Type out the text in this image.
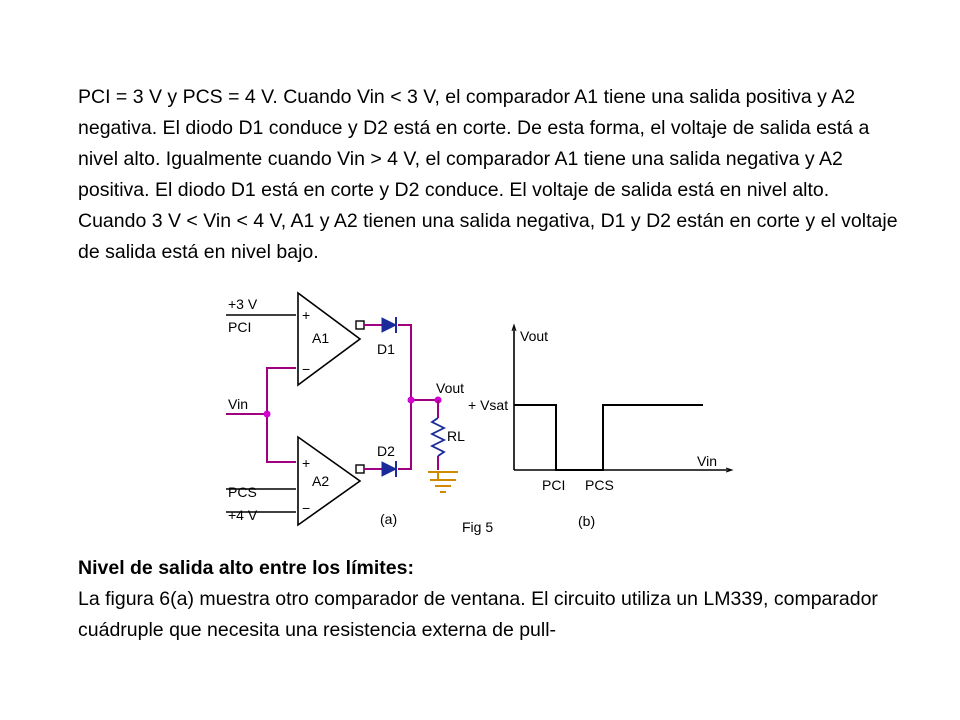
PCI = 3 V y PCS = 4 V. Cuando Vin < 3 V, el comparador A1 tiene una salida positiva y A2 negativa. El diodo D1 conduce y D2 está en corte. De esta forma, el voltaje de salida está a nivel alto. Igualmente cuando Vin > 4 V, el comparador A1 tiene una salida negativa y A2 positiva. El diodo D1 está en corte y D2 conduce. El voltaje de salida está en nivel alto. Cuando 3 V < Vin < 4 V, A1 y A2 tienen una salida negativa, D1 y D2 están en corte y el voltaje de salida está en nivel bajo.

+3 V
PCI
Vin
PCS
+4 V
+
−
A1
+
−
A2
D1
D2
Vout
RL
(a)	Fig 5
Vout
+ Vsat
Vin
PCI PCS
(b)

Nivel de salida alto entre los límites:

La figura 6(a) muestra otro comparador de ventana. El circuito utiliza un LM339, comparador cuádruple que necesita una resistencia externa de pull-
